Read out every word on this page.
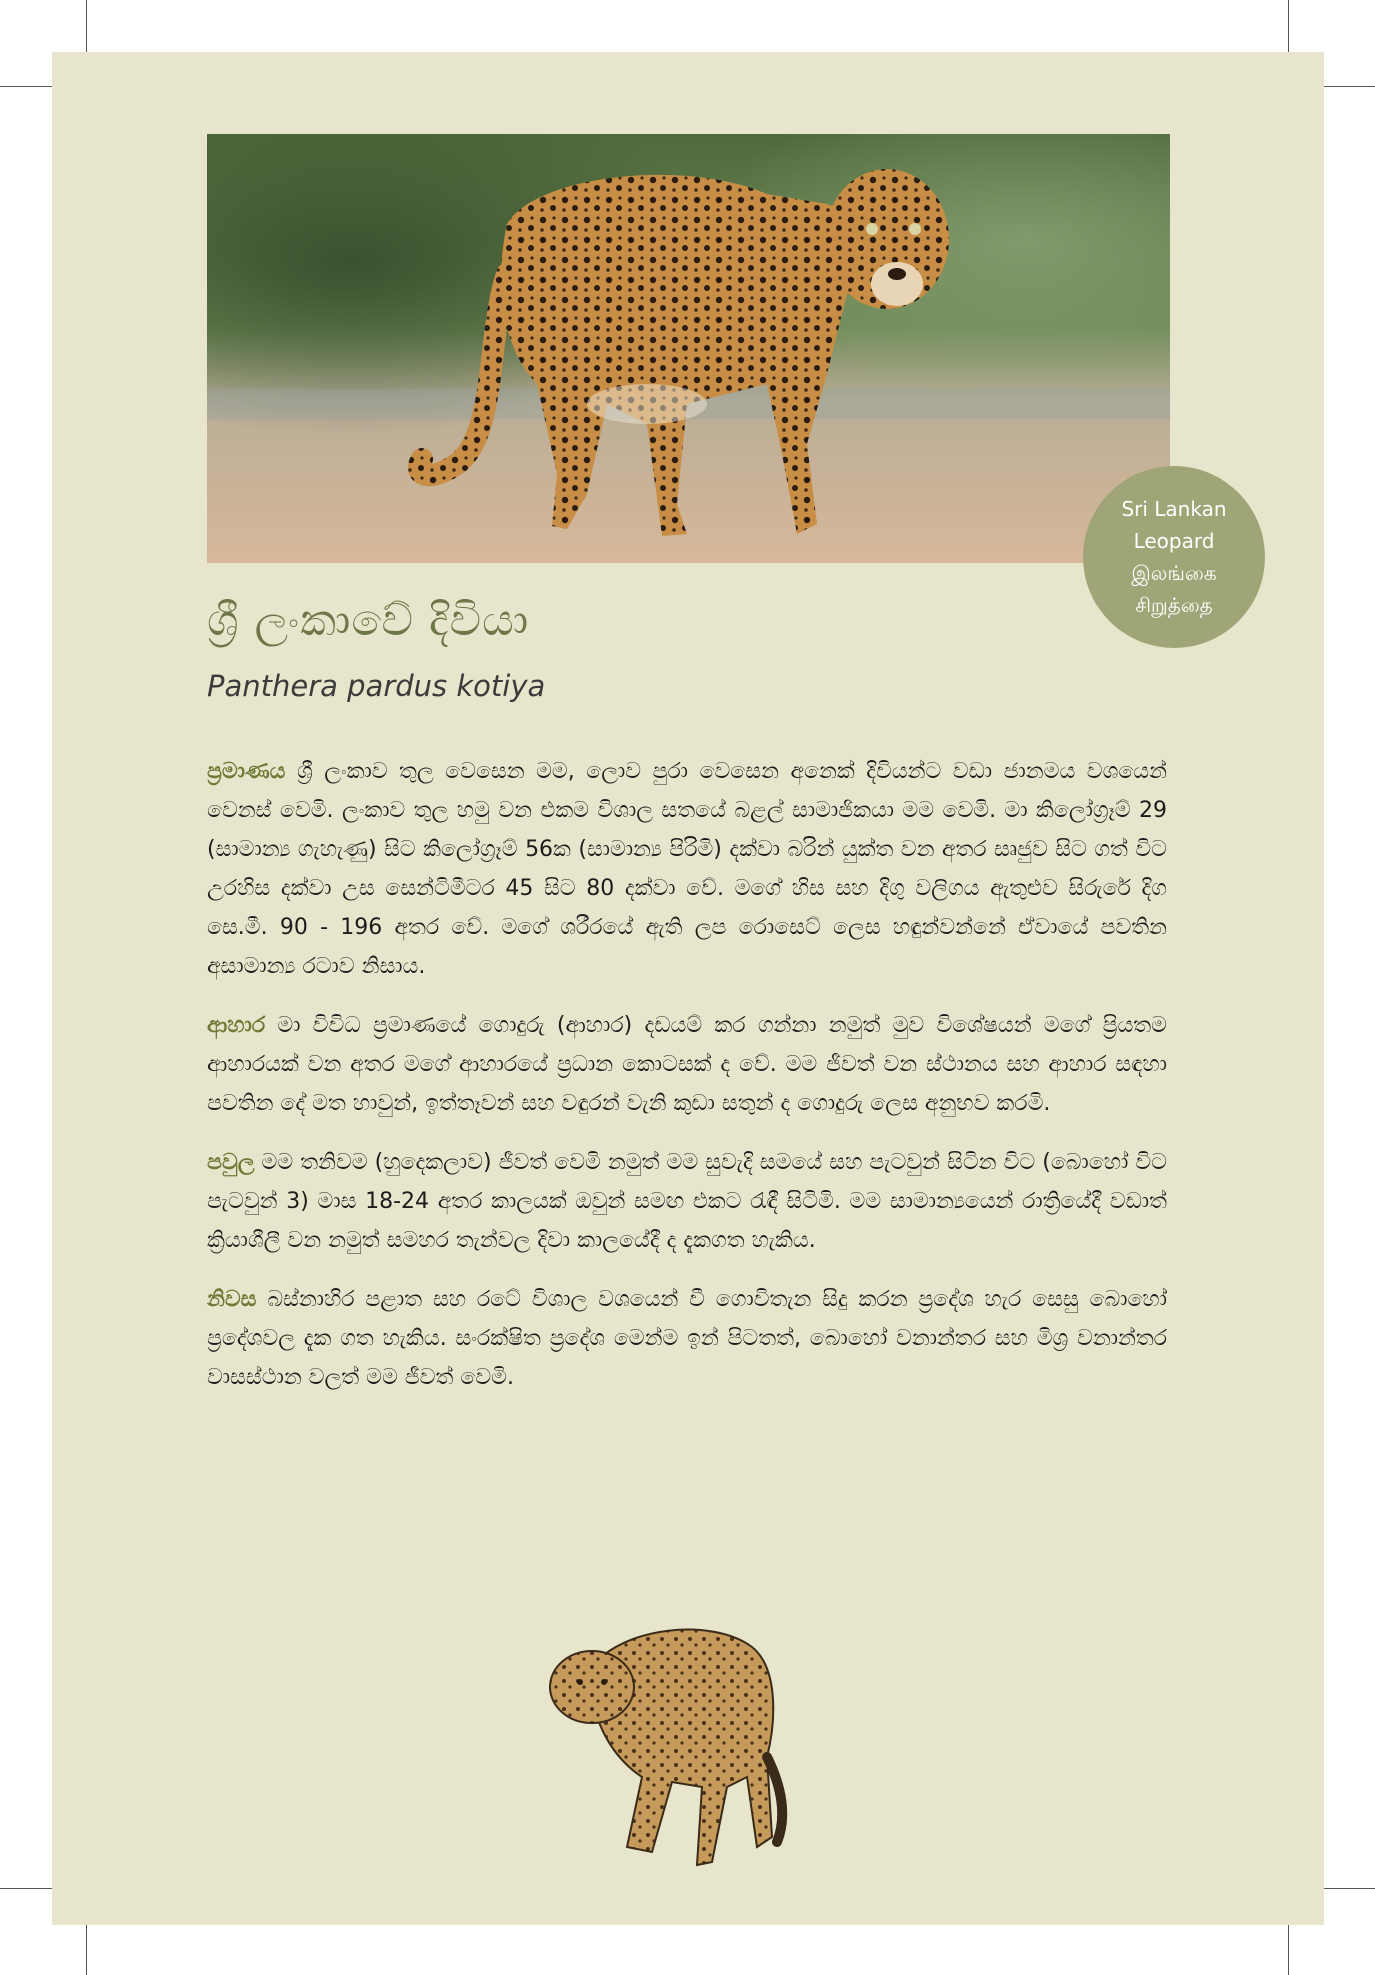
Sri Lankan
Leopard
இலங்கை
சிறுத்தை
ශ්‍රී ලංකාවේ දිවියා
Panthera pardus kotiya

ප්‍රමාණය ශ්‍රී ලංකාව තුල වෙසෙන මම, ලොව පුරා වෙසෙන අනෙක් දිවියන්ට වඩා ජානමය වශයෙන් වෙනස් වෙමි. ලංකාව තුල හමු වන එකම විශාල සතයේ බළල් සාමාජිකයා මම වෙමි. මා කිලෝග්‍රෑම් 29 (සාමාන්‍ය ගැහැණු) සිට කිලෝග්‍රෑම් 56ක (සාමාන්‍ය පිරිමි) දක්වා බරින් යුක්ත වන අතර සෘජුව සිට ගත් විට උරහිස දක්වා උස සෙන්ටිමීටර 45 සිට 80 දක්වා වේ. මගේ හිස සහ දිගු වලිගය ඇතුළුව සිරුරේ දිග සෙ.මී. 90 - 196 අතර වේ. මගේ ශරීරයේ ඇති ලප රොසෙට් ලෙස හඳුන්වන්නේ ඒවායේ පවතින අසාමාන්‍ය රටාව නිසාය.

ආහාර මා විවිධ ප්‍රමාණයේ ගොදුරු (ආහාර) දඩයම් කර ගන්නා නමුත් මුව විශේෂයන් මගේ ප්‍රියතම ආහාරයක් වන අතර මගේ ආහාරයේ ප්‍රධාන කොටසක් ද වේ. මම ජීවත් වන ස්ථානය සහ ආහාර සඳහා පවතින දේ මත හාවුන්, ඉත්තෑවන් සහ වඳුරන් වැනි කුඩා සතුන් ද ගොදුරු ලෙස අනුභව කරමි.

පවුල මම තනිවම (හුදෙකලාව) ජීවත් වෙමි නමුත් මම සුවැදි සමයේ සහ පැටවුන් සිටින විට (බොහෝ විට පැටවුන් 3) මාස 18-24 අතර කාලයක් ඔවුන් සමඟ එකට රැඳී සිටිමි. මම සාමාන්‍යයෙන් රාත්‍රියේදී වඩාත් ක්‍රියාශීලී වන නමුත් සමහර තැන්වල දිවා කාලයේදී ද දැකගත හැකිය.

නිවස බස්නාහිර පළාත සහ රටේ විශාල වශයෙන් වී ගොවිතැන සිදු කරන ප්‍රදේශ හැර සෙසු බොහෝ ප්‍රදේශවල දැක ගත හැකිය. සංරක්ෂිත ප්‍රදේශ මෙන්ම ඉන් පිටතත්, බොහෝ වනාන්තර සහ මිශ්‍ර වනාන්තර වාසස්ථාන වලත් මම ජීවත් වෙමි.
